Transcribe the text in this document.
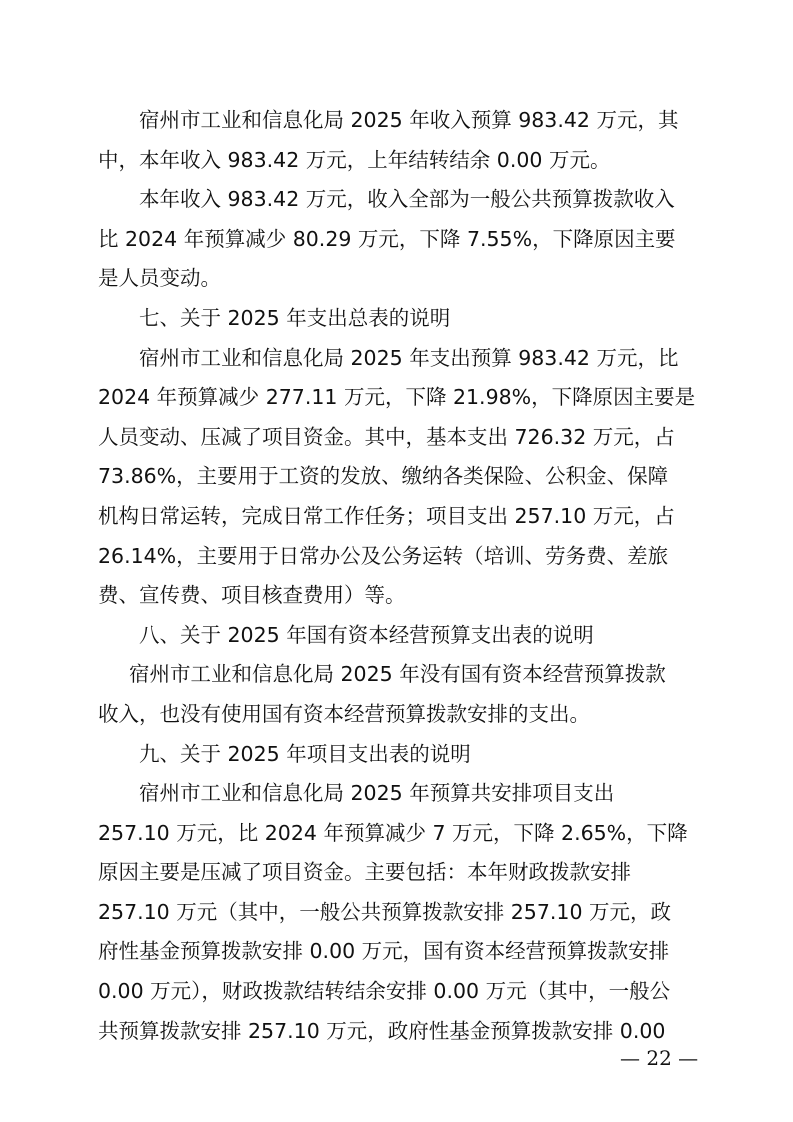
宿州市工业和信息化局 2025 年收入预算 983.42 万元，其
中，本年收入 983.42 万元，上年结转结余 0.00 万元。
本年收入 983.42 万元，收入全部为一般公共预算拨款收入
比 2024 年预算减少 80.29 万元，下降 7.55%，下降原因主要
是人员变动。
七、关于 2025 年支出总表的说明
宿州市工业和信息化局 2025 年支出预算 983.42 万元，比
2024 年预算减少 277.11 万元，下降 21.98%，下降原因主要是
人员变动、压减了项目资金。其中，基本支出 726.32 万元，占
73.86%，主要用于工资的发放、缴纳各类保险、公积金、保障
机构日常运转，完成日常工作任务；项目支出 257.10 万元，占
26.14%，主要用于日常办公及公务运转（培训、劳务费、差旅
费、宣传费、项目核查费用）等。
八、关于 2025 年国有资本经营预算支出表的说明
宿州市工业和信息化局 2025 年没有国有资本经营预算拨款
收入，也没有使用国有资本经营预算拨款安排的支出。
九、关于 2025 年项目支出表的说明
宿州市工业和信息化局 2025 年预算共安排项目支出
257.10 万元，比 2024 年预算减少 7 万元，下降 2.65%，下降
原因主要是压减了项目资金。主要包括：本年财政拨款安排
257.10 万元（其中，一般公共预算拨款安排 257.10 万元，政
府性基金预算拨款安排 0.00 万元，国有资本经营预算拨款安排
0.00 万元），财政拨款结转结余安排 0.00 万元（其中，一般公
共预算拨款安排 257.10 万元，政府性基金预算拨款安排 0.00
— 22 —
